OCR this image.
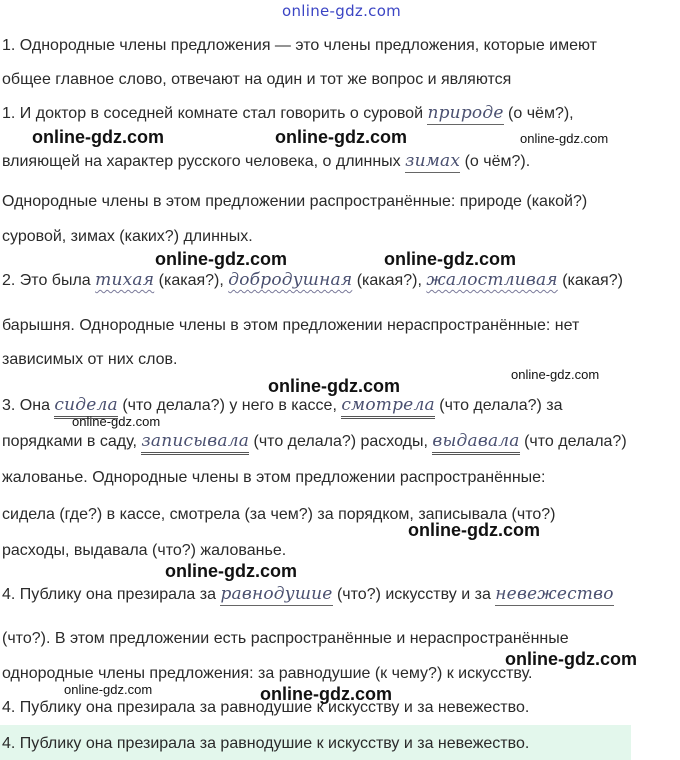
online-gdz.com
1. Однородные члены предложения — это члены предложения, которые имеют
общее главное слово, отвечают на один и тот же вопрос и являются
1. И доктор в соседней комнате стал говорить о суровой природе (о чём?),
влияющей на характер русского человека, о длинных зимах (о чём?).
Однородные члены в этом предложении распространённые: природе (какой?)
суровой, зимах (каких?) длинных.
2. Это была тихая (какая?), добродушная (какая?), жалостливая (какая?)
барышня. Однородные члены в этом предложении нераспространённые: нет
зависимых от них слов.
3. Она сидела (что делала?) у него в кассе, смотрела (что делала?) за
порядками в саду, записывала (что делала?) расходы, выдавала (что делала?)
жалованье. Однородные члены в этом предложении распространённые:
сидела (где?) в кассе, смотрела (за чем?) за порядком, записывала (что?)
расходы, выдавала (что?) жалованье.
4. Публику она презирала за равнодушие (что?) искусству и за невежество
(что?). В этом предложении есть распространённые и нераспространённые
однородные члены предложения: за равнодушие (к чему?) к искусству.
4. Публику она презирала за равнодушие к искусству и за невежество.
4. Публику она презирала за равнодушие к искусству и за невежество.
online-gdz.com	online-gdz.com	online-gdz.com
online-gdz.com	online-gdz.com
online-gdz.com
online-gdz.com
online-gdz.com
online-gdz.com
online-gdz.com
online-gdz.com
online-gdz.com	online-gdz.com
